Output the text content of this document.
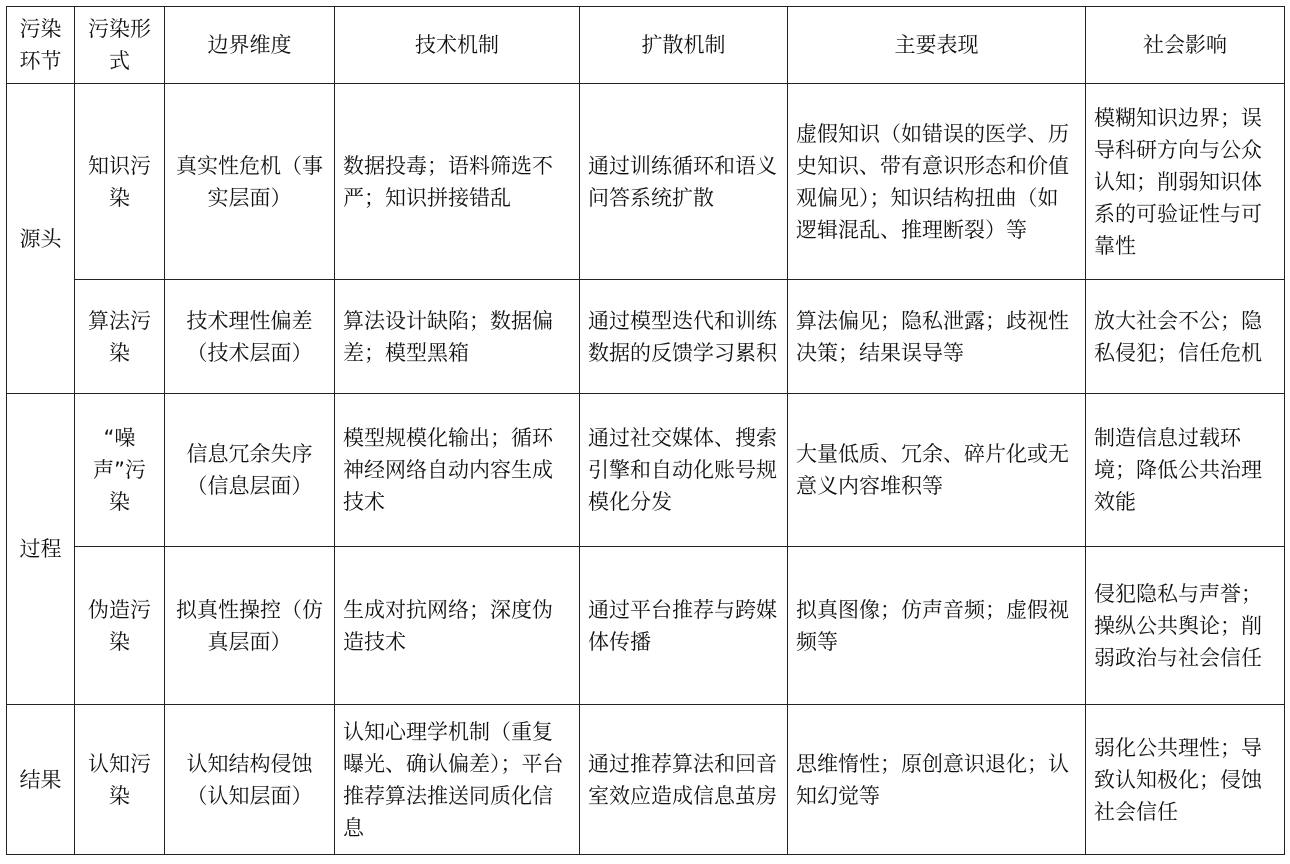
污染环节	污染形式	边界维度	技术机制	扩散机制	主要表现	社会影响
源头	知识污染	真实性危机（事实层面）	数据投毒；语料筛选不严；知识拼接错乱	通过训练循环和语义问答系统扩散	虚假知识（如错误的医学、历史知识、带有意识形态和价值观偏见）；知识结构扭曲（如逻辑混乱、推理断裂）等	模糊知识边界；误导科研方向与公众认知；削弱知识体系的可验证性与可靠性
	算法污染	技术理性偏差（技术层面）	算法设计缺陷；数据偏差；模型黑箱	通过模型迭代和训练数据的反馈学习累积	算法偏见；隐私泄露；歧视性决策；结果误导等	放大社会不公；隐私侵犯；信任危机
过程	“噪声”污染	信息冗余失序（信息层面）	模型规模化输出；循环神经网络自动内容生成技术	通过社交媒体、搜索引擎和自动化账号规模化分发	大量低质、冗余、碎片化或无意义内容堆积等	制造信息过载环境；降低公共治理效能
	伪造污染	拟真性操控（仿真层面）	生成对抗网络；深度伪造技术	通过平台推荐与跨媒体传播	拟真图像；仿声音频；虚假视频等	侵犯隐私与声誉；操纵公共舆论；削弱政治与社会信任
结果	认知污染	认知结构侵蚀（认知层面）	认知心理学机制（重复曝光、确认偏差）；平台推荐算法推送同质化信息	通过推荐算法和回音室效应造成信息茧房	思维惰性；原创意识退化；认知幻觉等	弱化公共理性；导致认知极化；侵蚀社会信任
